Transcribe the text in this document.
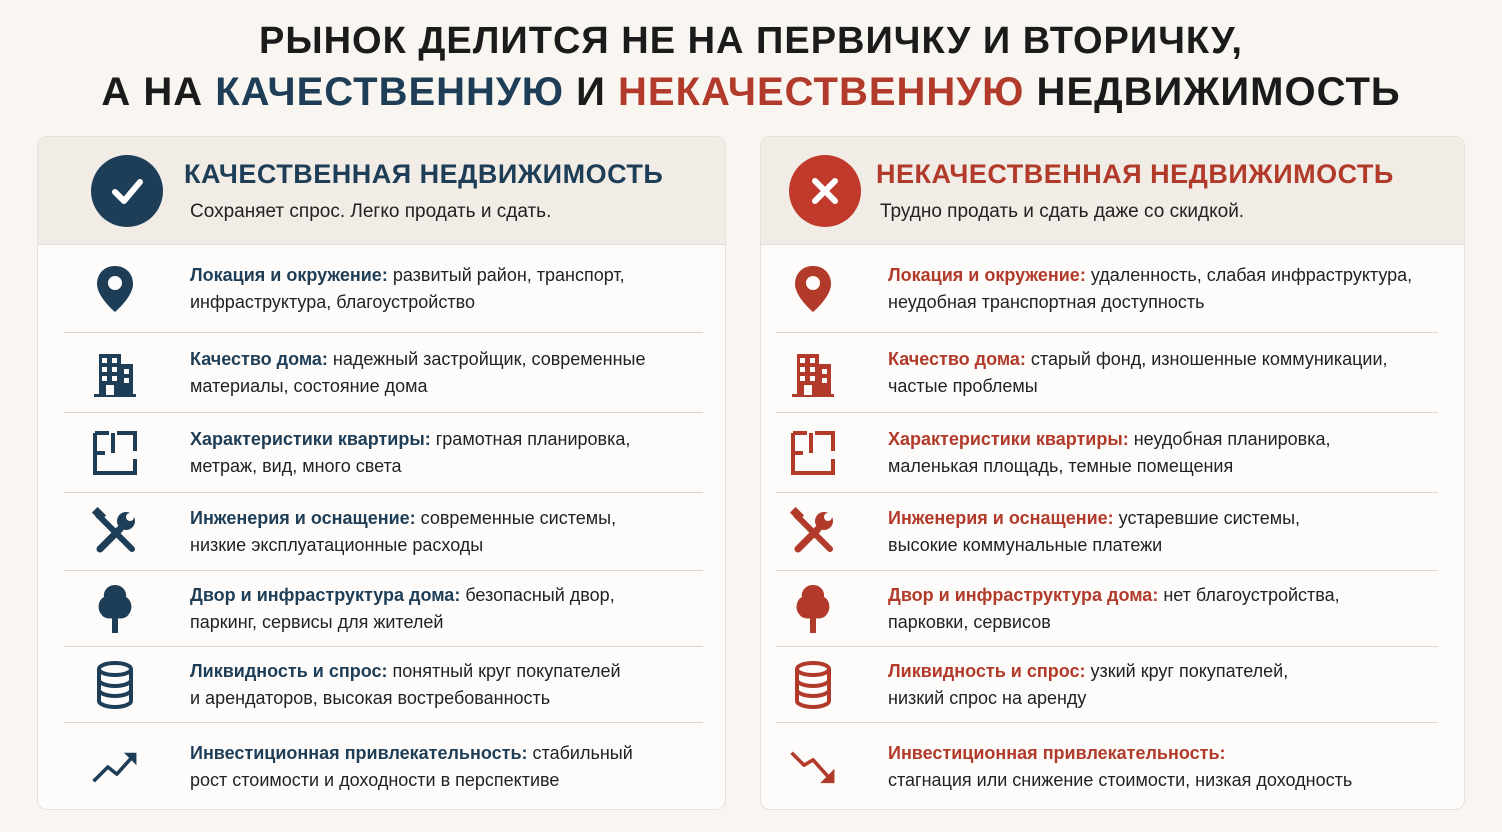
РЫНОК ДЕЛИТСЯ НЕ НА ПЕРВИЧКУ И ВТОРИЧКУ,
А НА КАЧЕСТВЕННУЮ И НЕКАЧЕСТВЕННУЮ НЕДВИЖИМОСТЬ
КАЧЕСТВЕННАЯ НЕДВИЖИМОСТЬ
Сохраняет спрос. Легко продать и сдать.
Локация и окружение: развитый район, транспорт,
инфраструктура, благоустройство
Качество дома: надежный застройщик, современные
материалы, состояние дома
Характеристики квартиры: грамотная планировка,
метраж, вид, много света
Инженерия и оснащение: современные системы,
низкие эксплуатационные расходы
Двор и инфраструктура дома: безопасный двор,
паркинг, сервисы для жителей
Ликвидность и спрос: понятный круг покупателей
и арендаторов, высокая востребованность
Инвестиционная привлекательность: стабильный
рост стоимости и доходности в перспективе
НЕКАЧЕСТВЕННАЯ НЕДВИЖИМОСТЬ
Трудно продать и сдать даже со скидкой.
Локация и окружение: удаленность, слабая инфраструктура,
неудобная транспортная доступность
Качество дома: старый фонд, изношенные коммуникации,
частые проблемы
Характеристики квартиры: неудобная планировка,
маленькая площадь, темные помещения
Инженерия и оснащение: устаревшие системы,
высокие коммунальные платежи
Двор и инфраструктура дома: нет благоустройства,
парковки, сервисов
Ликвидность и спрос: узкий круг покупателей,
низкий спрос на аренду
Инвестиционная привлекательность:
стагнация или снижение стоимости, низкая доходность
